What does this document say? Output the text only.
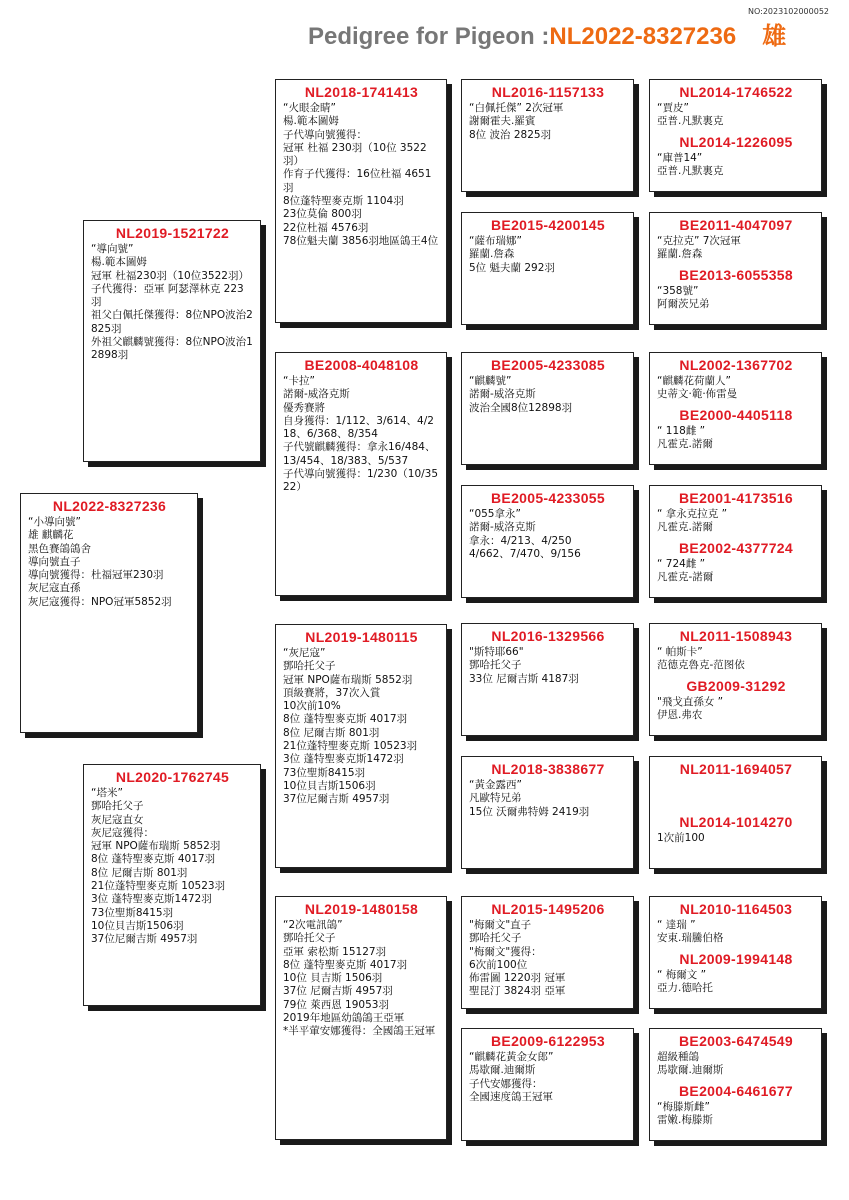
NO:2023102000052
Pedigree for Pigeon :NL2022-8327236 雄
NL2022-8327236
“小導向號”
雄 麒麟花
黑色賽鴿鴿舍
導向號直子
導向號獲得：杜福冠軍230羽
灰尼寇直孫
灰尼寇獲得：NPO冠軍5852羽
NL2019-1521722
“導向號”
楊.範本圖姆
冠軍 杜福230羽（10位3522羽）
子代獲得：亞軍 阿瑟澤林克 223羽
祖父白佩托傑獲得：8位NPO波治2825羽
外祖父麒麟號獲得：8位NPO波治12898羽
NL2020-1762745
“塔米”
鄧哈托父子
灰尼寇直女
灰尼寇獲得：
冠軍 NPO薩布瑞斯 5852羽
8位 蓬特聖麥克斯 4017羽
8位 尼爾吉斯 801羽
21位蓬特聖麥克斯 10523羽
3位 蓬特聖麥克斯1472羽
73位聖斯8415羽
10位貝吉斯1506羽
37位尼爾吉斯 4957羽
NL2018-1741413
“火眼金睛”
楊.範本圖姆
子代導向號獲得：
冠軍 杜福 230羽（10位 3522羽）
作育子代獲得：16位杜福 4651羽
8位蓬特聖麥克斯 1104羽
23位莫倫 800羽
22位杜福 4576羽
78位魁夫蘭 3856羽地區鴿王4位
BE2008-4048108
“卡拉”
諾爾-威洛克斯
優秀賽將
自身獲得：1/112、3/614、4/218、6/368、8/354
子代號麒麟獲得：拿永16/484、13/454、18/383、5/537
子代導向號獲得：1/230（10/3522）
NL2019-1480115
“灰尼寇”
鄧哈托父子
冠軍 NPO薩布瑞斯 5852羽
頂級賽將，37次入賞
10次前10%
8位 蓬特聖麥克斯 4017羽
8位 尼爾吉斯 801羽
21位蓬特聖麥克斯 10523羽
3位 蓬特聖麥克斯1472羽
73位聖斯8415羽
10位貝吉斯1506羽
37位尼爾吉斯 4957羽
NL2019-1480158
“2次電訊鴿”
鄧哈托父子
亞軍 索松斯 15127羽
8位 蓬特聖麥克斯 4017羽
10位 貝吉斯 1506羽
37位 尼爾吉斯 4957羽
79位 萊西恩 19053羽
2019年地區幼鴿鴿王亞軍
*半平葷安娜獲得：全國鴿王冠軍
NL2016-1157133
“白佩托傑” 2次冠軍
謝爾霍夫.羅賓
8位 波治 2825羽
BE2015-4200145
“薩布瑞娜”
羅蘭.詹森
5位 魁夫蘭 292羽
BE2005-4233085
“麒麟號”
諾爾-威洛克斯
波治全國8位12898羽
BE2005-4233055
“055拿永”
諾爾-威洛克斯
拿永：4/213、4/250
4/662、7/470、9/156
NL2016-1329566
"斯特耶66"
鄧哈托父子
33位 尼爾吉斯 4187羽
NL2018-3838677
“黃金露西”
凡歐特兄弟
15位 沃爾弗特姆 2419羽
NL2015-1495206
"梅爾文"直子
鄧哈托父子
"梅爾文"獲得：
6次前100位
佈雷圖 1220羽 冠軍
聖昆汀 3824羽 亞軍
BE2009-6122953
“麒麟花黃金女郎”
馬歇爾.迪爾斯
子代安娜獲得：
全國速度鴿王冠軍
NL2014-1746522
“賈皮”
亞普.凡默裏克
NL2014-1226095
“庫普14”
亞普.凡默裏克
BE2011-4047097
“克拉克” 7次冠軍
羅蘭.詹森
BE2013-6055358
“358號”
阿爾茨兄弟
NL2002-1367702
“麒麟花荷蘭人”
史蒂文·範·佈雷曼
BE2000-4405118
“ 118雌 ”
凡霍克.諾爾
BE2001-4173516
“ 拿永克拉克 ”
凡霍克.諾爾
BE2002-4377724
“ 724雌 ”
凡霍克-諾爾
NL2011-1508943
“ 帕斯卡”
范德克魯克-范图依
GB2009-31292
"飛戈直孫女 ”
伊恩.弗农
NL2011-1694057
NL2014-1014270
1次前100
NL2010-1164503
“ 達瑞 ”
安東.瑞騰伯格
NL2009-1994148
“ 梅爾文 ”
亞力.德哈托
BE2003-6474549
超級種鴿
馬歇爾.迪爾斯
BE2004-6461677
“梅滕斯雌”
雷嫩.梅滕斯
